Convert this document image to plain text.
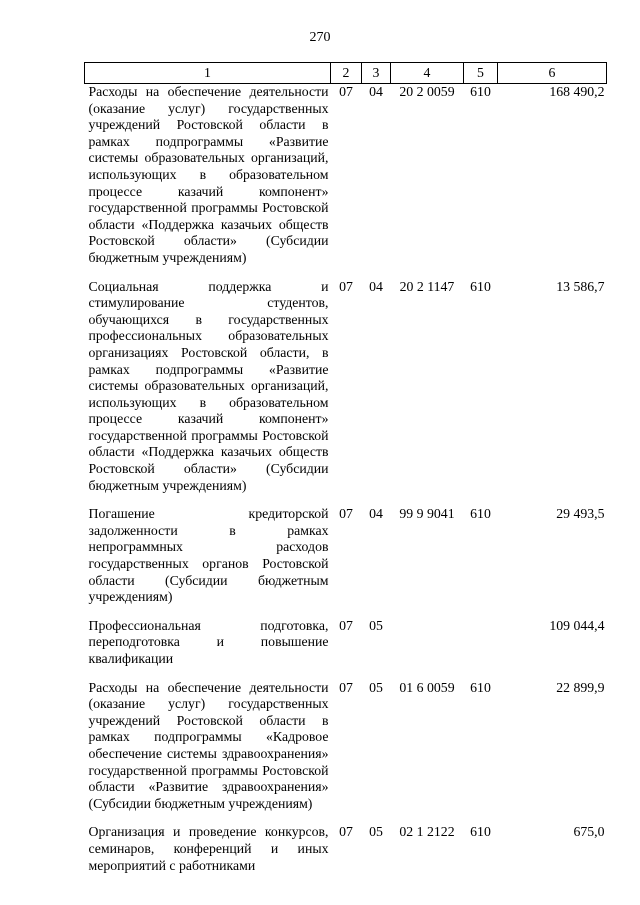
270
1	2	3	4	5	6
Расходы на обеспечение деятельности (оказание услуг) государственных учреждений Ростовской области в рамках подпрограммы «Развитие системы образовательных организаций, использующих в образовательном процессе казачий компонент» государственной программы Ростовской области «Поддержка казачьих обществ Ростовской области» (Субсидии бюджетным учреждениям)	07	04	20 2 0059	610	168 490,2
Социальная поддержка и стимулирование студентов, обучающихся в государственных профессиональных образовательных организациях Ростовской области, в рамках подпрограммы «Развитие системы образовательных организаций, использующих в образовательном процессе казачий компонент» государственной программы Ростовской области «Поддержка казачьих обществ Ростовской области» (Субсидии бюджетным учреждениям)	07	04	20 2 1147	610	13 586,7
Погашение кредиторской задолженности в рамках непрограммных расходов государственных органов Ростовской области (Субсидии бюджетным учреждениям)	07	04	99 9 9041	610	29 493,5
Профессиональная подготовка, переподготовка и повышение квалификации	07	05			109 044,4
Расходы на обеспечение деятельности (оказание услуг) государственных учреждений Ростовской области в рамках подпрограммы «Кадровое обеспечение системы здравоохранения» государственной программы Ростовской области «Развитие здравоохранения» (Субсидии бюджетным учреждениям)	07	05	01 6 0059	610	22 899,9
Организация и проведение конкурсов, семинаров, конференций и иных мероприятий с работниками	07	05	02 1 2122	610	675,0
